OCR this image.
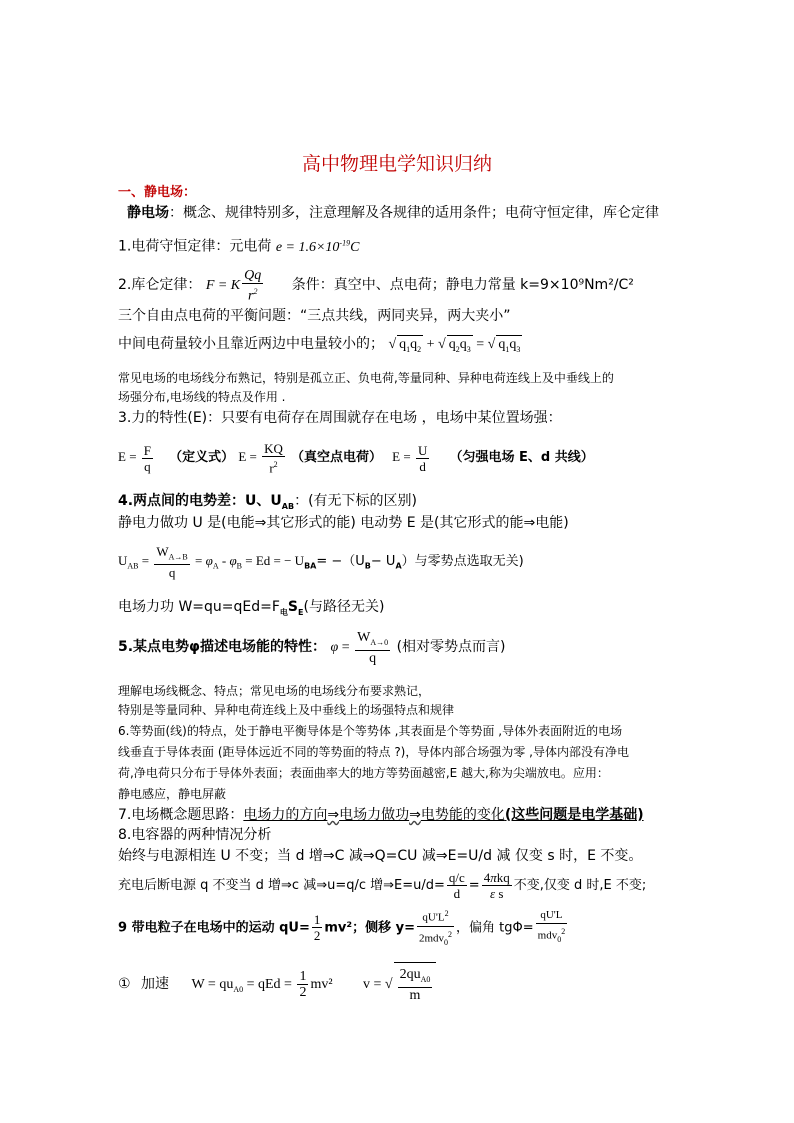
高中物理电学知识归纳
一、静电场：
静电场：概念、规律特别多，注意理解及各规律的适用条件；电荷守恒定律，库仑定律
1.电荷守恒定律：元电荷 $e = 1.6\times 10^{-19}C$
2.库仑定律： F = K $\frac{Qq}{r^2}$ 条件：真空中、点电荷；静电力常量 k=9×10⁹Nm²/C²
三个自由点电荷的平衡问题：“三点共线，两同夹异，两大夹小”
中间电荷量较小且靠近两边中电量较小的； √ $q_1q_2$ + √ $q_2q_3$ = √ $q_1q_3$
常见电场的电场线分布熟记，特别是孤立正、负电荷,等量同种、异种电荷连线上及中垂线上的
场强分布,电场线的特点及作用 .
3.力的特性(E)：只要有电荷存在周围就存在电场 ，电场中某位置场强：
$E = \frac{F}{q}$ （定义式） $E = \frac{KQ}{r^2}$ （真空点电荷） $E = \frac{U}{d}$ （匀强电场 E、d 共线）
4.两点间的电势差：U、$U_{AB}$：(有无下标的区别)
静电力做功 U 是(电能⇒其它形式的能) 电动势 E 是(其它形式的能⇒电能)
$U_{AB} = \frac{W_{A\to B}}{q} = \varphi_A - \varphi_B = Ed$ = − $U_{BA}= -(U_B- U_A)$与零势点选取无关)
电场力功 $W=qu=qEd=F_电S_E$(与路径无关)
5.某点电势φ描述电场能的特性： $\varphi = \frac{W_{A\to 0}}{q}$ (相对零势点而言)
理解电场线概念、特点；常见电场的电场线分布要求熟记，
特别是等量同种、异种电荷连线上及中垂线上的场强特点和规律
6.等势面(线)的特点，处于静电平衡导体是个等势体 ,其表面是个等势面 ,导体外表面附近的电场
线垂直于导体表面 (距导体远近不同的等势面的特点 ?)，导体内部合场强为零 ,导体内部没有净电
荷,净电荷只分布于导体外表面；表面曲率大的地方等势面越密,E 越大,称为尖端放电。应用：
静电感应，静电屏蔽
7.电场概念题思路：电场力的方向⇒电场力做功⇒电势能的变化(这些问题是电学基础)
8.电容器的两种情况分析
始终与电源相连 U 不变；当 d 增⇒C 减⇒Q=CU 减⇒E=U/d 减 仅变 s 时，E 不变。
充电后断电源 q 不变当 d 增⇒c 减⇒u=q/c 增⇒E=u/d= $\frac{q/c}{d} = \frac{\text{4πkq}}{\text{ε s}}$ 不变,仅变 d 时,E 不变;
9 带电粒子在电场中的运动 $qU= \frac{1}{2} mv^2$；侧移 $y= \frac{qU'L^2}{2mdv_0^2}$ ，偏角 $tg\Phi= \frac{qU'L}{mdv_0^2}$
① 加速 $W = qu_{A0}$ = qEd = $\frac{1}{2} mv^2$ v = √ $\frac{2qu_{A0}}{m}$
